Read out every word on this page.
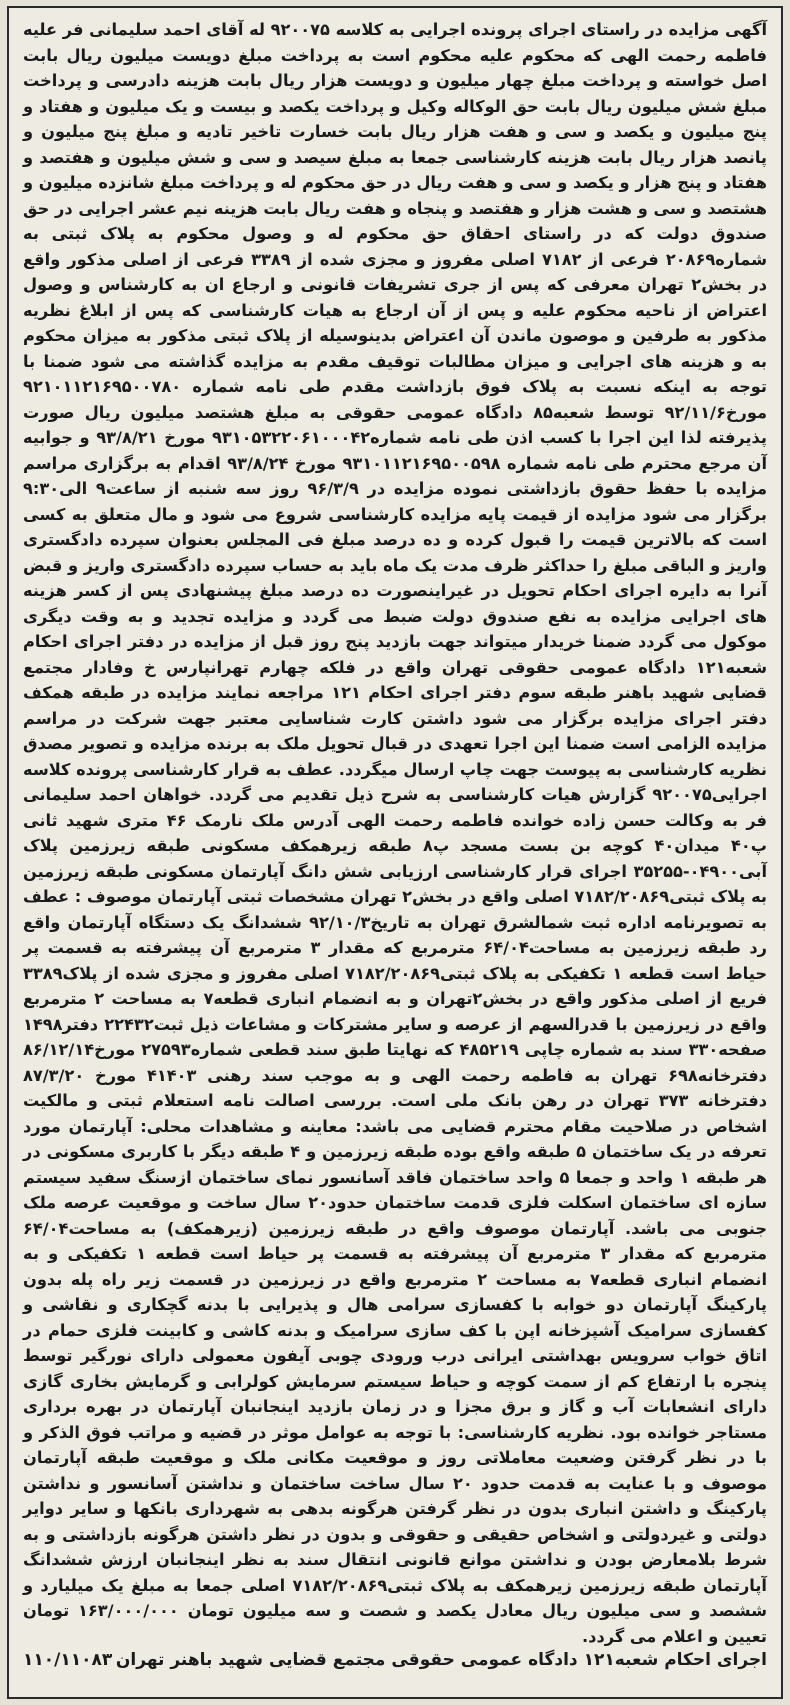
آگهی مزایده در راستای اجرای پرونده اجرایی به کلاسه ۹۲۰۰۷۵ له آقای احمد سلیمانی فر علیه فاطمه رحمت الهی که محکوم علیه محکوم است به پرداخت مبلغ دویست میلیون ریال بابت اصل خواسته و پرداخت مبلغ چهار میلیون و دویست هزار ریال بابت هزینه دادرسی و پرداخت مبلغ شش میلیون ریال بابت حق الوکاله وکیل و پرداخت یکصد و بیست و یک میلیون و هفتاد و پنج میلیون و یکصد و سی و هفت هزار ریال بابت خسارت تاخیر تادیه و مبلغ پنج میلیون و پانصد هزار ریال بابت هزینه کارشناسی جمعا به مبلغ سیصد و سی و شش میلیون و هفتصد و هفتاد و پنج هزار و یکصد و سی و هفت ریال در حق محکوم له و پرداخت مبلغ شانزده میلیون و هشتصد و سی و هشت هزار و هفتصد و پنجاه و هفت ریال بابت هزینه نیم عشر اجرایی در حق صندوق دولت که در راستای احقاق حق محکوم له و وصول محکوم به پلاک ثبتی به شماره۲۰۸۶۹ فرعی از ۷۱۸۲ اصلی مفروز و مجزی شده از ۳۳۸۹ فرعی از اصلی مذکور واقع در بخش۲ تهران معرفی که پس از جری تشریفات قانونی و ارجاع ان به کارشناس و وصول اعتراض از ناحیه محکوم علیه و پس از آن ارجاع به هیات کارشناسی که پس از ابلاغ نظریه مذکور به طرفین و موصون ماندن آن اعتراض بدینوسیله از پلاک ثبتی مذکور به میزان محکوم به و هزینه های اجرایی و میزان مطالبات توقیف مقدم به مزایده گذاشته می شود ضمنا با توجه به اینکه نسبت به پلاک فوق بازداشت مقدم طی نامه شماره ۹۲۱۰۱۱۲۱۶۹۵۰۰۷۸۰ مورخ۹۲/۱۱/۶ توسط شعبه۸۵ دادگاه عمومی حقوقی به مبلغ هشتصد میلیون ریال صورت پذیرفته لذا این اجرا با کسب اذن طی نامه شماره۹۳۱۰۵۳۲۲۰۶۱۰۰۰۴۲ مورخ ۹۳/۸/۲۱ و جوابیه آن مرجع محترم طی نامه شماره ۹۳۱۰۱۱۲۱۶۹۵۰۰۵۹۸ مورخ ۹۳/۸/۲۴ اقدام به برگزاری مراسم مزایده با حفظ حقوق بازداشتی نموده مزایده در ۹۶/۳/۹ روز سه شنبه از ساعت۹ الی۹:۳۰ برگزار می شود مزایده از قیمت پایه مزایده کارشناسی شروع می شود و مال متعلق به کسی است که بالاترین قیمت را قبول کرده و ده درصد مبلغ فی المجلس بعنوان سپرده دادگستری واریز و الباقی مبلغ را حداکثر ظرف مدت یک ماه باید به حساب سپرده دادگستری واریز و قبض آنرا به دایره اجرای احکام تحویل در غیراینصورت ده درصد مبلغ پیشنهادی پس از کسر هزینه های اجرایی مزایده به نفع صندوق دولت ضبط می گردد و مزایده تجدید و به وقت دیگری موکول می گردد ضمنا خریدار میتواند جهت بازدید پنج روز قبل از مزایده در دفتر اجرای احکام شعبه۱۲۱ دادگاه عمومی حقوقی تهران واقع در فلکه چهارم تهرانپارس خ وفادار مجتمع قضایی شهید باهنر طبقه سوم دفتر اجرای احکام ۱۲۱ مراجعه نمایند مزایده در طبقه همکف دفتر اجرای مزایده برگزار می شود داشتن کارت شناسایی معتبر جهت شرکت در مراسم مزایده الزامی است ضمنا این اجرا تعهدی در قبال تحویل ملک به برنده مزایده و تصویر مصدق نظریه کارشناسی به پیوست جهت چاپ ارسال میگردد. عطف به قرار کارشناسی پرونده کلاسه اجرایی۹۲۰۰۷۵ گزارش هیات کارشناسی به شرح ذیل تقدیم می گردد. خواهان احمد سلیمانی فر به وکالت حسن زاده خوانده فاطمه رحمت الهی آدرس ملک نارمک ۴۶ متری شهید ثانی پ۴۰ میدان۴۰ کوچه بن بست مسجد پ۸ طبقه زیرهمکف مسکونی طبقه زیرزمین پلاک آبی۰۴۹۰۰-۳۵۲۵۵ اجرای قرار کارشناسی ارزیابی شش دانگ آپارتمان مسکونی طبقه زیرزمین به پلاک ثبتی۷۱۸۲/۲۰۸۶۹ اصلی واقع در بخش۲ تهران مشخصات ثبتی آپارتمان موصوف : عطف به تصویرنامه اداره ثبت شمالشرق تهران به تاریخ۹۲/۱۰/۳ ششدانگ یک دستگاه آپارتمان واقع رد طبقه زیرزمین به مساحت۶۴/۰۴ مترمربع که مقدار ۳ مترمربع آن پیشرفته به قسمت پر حیاط است قطعه ۱ تکفیکی به پلاک ثبتی۷۱۸۲/۲۰۸۶۹ اصلی مفروز و مجزی شده از پلاک۳۳۸۹ فریع از اصلی مذکور واقع در بخش۲تهران و به انضمام انباری قطعه۷ به مساحت ۲ مترمربع واقع در زیرزمین با قدرالسهم از عرصه و سایر مشترکات و مشاعات ذیل ثبت۲۲۴۳۲ دفتر۱۴۹۸ صفحه۳۳۰ سند به شماره چاپی ۴۸۵۲۱۹ که نهایتا طبق سند قطعی شماره۲۷۵۹۳ مورخ۸۶/۱۲/۱۴ دفترخانه۶۹۸ تهران به فاطمه رحمت الهی و به موجب سند رهنی ۴۱۴۰۳ مورخ ۸۷/۳/۲۰ دفترخانه ۳۷۳ تهران در رهن بانک ملی است. بررسی اصالت نامه استعلام ثبتی و مالکیت اشخاص در صلاحیت مقام محترم قضایی می باشد: معاینه و مشاهدات محلی: آپارتمان مورد تعرفه در یک ساختمان ۵ طبقه واقع بوده طبقه زیرزمین و ۴ طبقه دیگر با کاربری مسکونی در هر طبقه ۱ واحد و جمعا ۵ واحد ساختمان فاقد آسانسور نمای ساختمان ازسنگ سفید سیستم سازه ای ساختمان اسکلت فلزی قدمت ساختمان حدود۲۰ سال ساخت و موقعیت عرصه ملک جنوبی می باشد. آپارتمان موصوف واقع در طبقه زیرزمین (زیرهمکف) به مساحت۶۴/۰۴ مترمربع که مقدار ۳ مترمربع آن پیشرفته به قسمت پر حیاط است قطعه ۱ تکفیکی و به انضمام انباری قطعه۷ به مساحت ۲ مترمربع واقع در زیرزمین در قسمت زیر راه پله بدون پارکینگ آپارتمان دو خوابه با کفسازی سرامی هال و پذیرایی با بدنه گچکاری و نقاشی و کفسازی سرامیک آشپزخانه اپن با کف سازی سرامیک و بدنه کاشی و کابینت فلزی حمام در اتاق خواب سرویس بهداشتی ایرانی درب ورودی چوبی آیفون معمولی دارای نورگیر توسط پنجره با ارتفاع کم از سمت کوچه و حیاط سیستم سرمایش کولرابی و گرمایش بخاری گازی دارای انشعابات آب و گاز و برق مجزا و در زمان بازدید اینجانبان آپارتمان در بهره برداری مستاجر خوانده بود. نظریه کارشناسی: با توجه به عوامل موثر در قضیه و مراتب فوق الذکر و با در نظر گرفتن وضعیت معاملاتی روز و موقعیت مکانی ملک و موقعیت طبقه آپارتمان موصوف و با عنایت به قدمت حدود ۲۰ سال ساخت ساختمان و نداشتن آسانسور و نداشتن پارکینگ و داشتن انباری بدون در نظر گرفتن هرگونه بدهی به شهرداری بانکها و سایر دوایر دولتی و غیردولتی و اشخاص حقیقی و حقوقی و بدون در نظر داشتن هرگونه بازداشتی و به شرط بلامعارض بودن و نداشتن موانع قانونی انتقال سند به نظر اینجانبان ارزش ششدانگ آپارتمان طبقه زیرزمین زیرهمکف به پلاک ثبتی۷۱۸۲/۲۰۸۶۹ اصلی جمعا به مبلغ یک میلیارد و ششصد و سی میلیون ریال معادل یکصد و شصت و سه میلیون تومان ۱۶۳/۰۰۰/۰۰۰ تومان تعیین و اعلام می گردد.

اجرای احکام شعبه۱۲۱ دادگاه عمومی حقوقی مجتمع قضایی شهید باهنر تهران
۱۱۰/۱۱۰۸۳
